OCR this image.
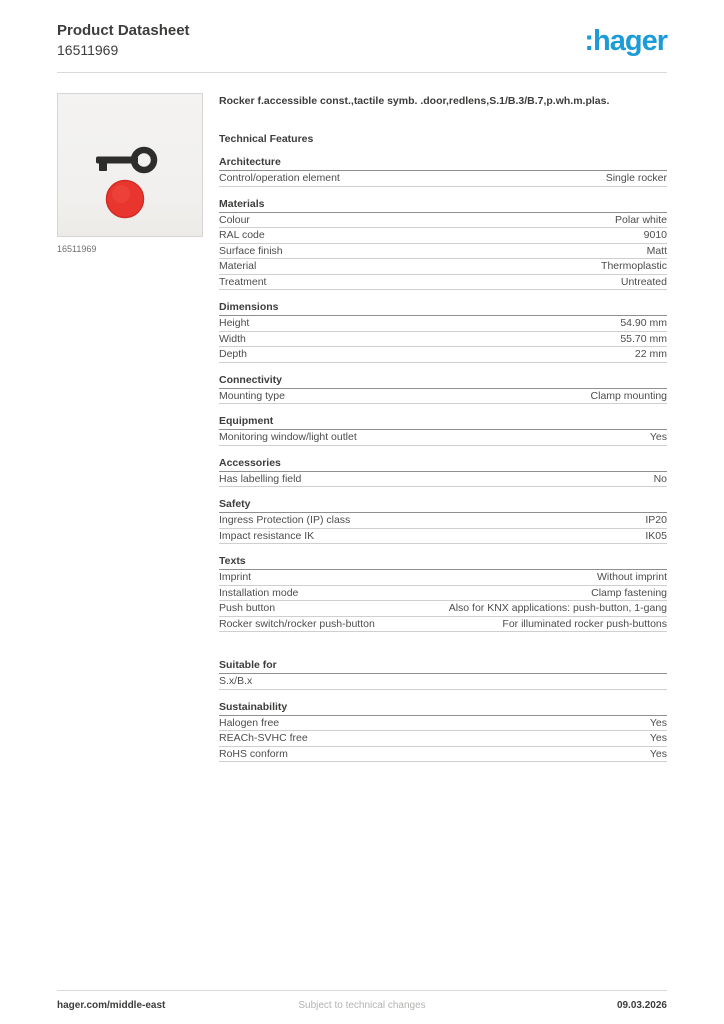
Product Datasheet
16511969	:hager
16511969
Rocker f.accessible const.,tactile symb. .door,redlens,S.1/B.3/B.7,p.wh.m.plas.
Technical Features
Architecture
Control/operation element	Single rocker
Materials
Colour	Polar white
RAL code	9010
Surface finish	Matt
Material	Thermoplastic
Treatment	Untreated
Dimensions
Height	54.90 mm
Width	55.70 mm
Depth	22 mm
Connectivity
Mounting type	Clamp mounting
Equipment
Monitoring window/light outlet	Yes
Accessories
Has labelling field	No
Safety
Ingress Protection (IP) class	IP20
Impact resistance IK	IK05
Texts
Imprint	Without imprint
Installation mode	Clamp fastening
Push button	Also for KNX applications: push-button, 1-gang
Rocker switch/rocker push-button	For illuminated rocker push-buttons
Suitable for
S.x/B.x
Sustainability
Halogen free	Yes
REACh-SVHC free	Yes
RoHS conform	Yes
hager.com/middle-east	Subject to technical changes	09.03.2026
